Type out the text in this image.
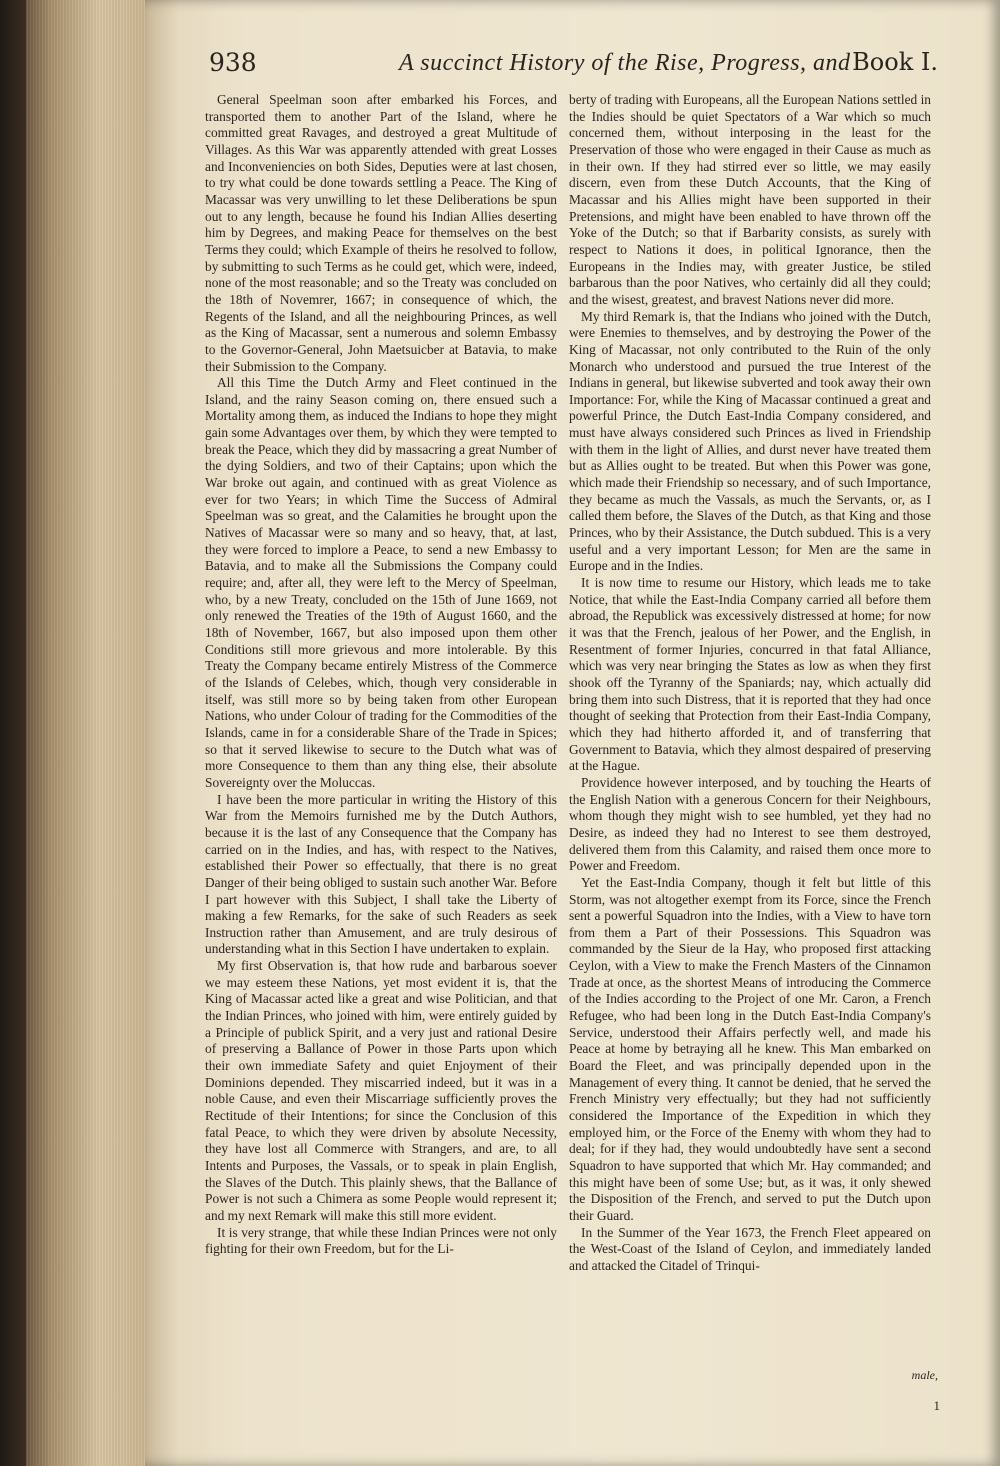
938	A succinct History of the Rise, Progress, and Book I.

General Speelman soon after embarked his Forces, and transported them to another Part of the Island, where he committed great Ravages, and destroyed a great Multitude of Villages. As this War was apparently attended with great Losses and Inconveniencies on both Sides, Deputies were at last chosen, to try what could be done towards settling a Peace. The King of Macassar was very unwilling to let these Deliberations be spun out to any length, because he found his Indian Allies deserting him by Degrees, and making Peace for themselves on the best Terms they could; which Example of theirs he resolved to follow, by submitting to such Terms as he could get, which were, indeed, none of the most reasonable; and so the Treaty was concluded on the 18th of Novemrer, 1667; in consequence of which, the Regents of the Island, and all the neighbouring Princes, as well as the King of Macassar, sent a numerous and solemn Embassy to the Governor-General, John Maetsuicber at Batavia, to make their Submission to the Company.

All this Time the Dutch Army and Fleet continued in the Island, and the rainy Season coming on, there ensued such a Mortality among them, as induced the Indians to hope they might gain some Advantages over them, by which they were tempted to break the Peace, which they did by massacring a great Number of the dying Soldiers, and two of their Captains; upon which the War broke out again, and continued with as great Violence as ever for two Years; in which Time the Success of Admiral Speelman was so great, and the Calamities he brought upon the Natives of Macassar were so many and so heavy, that, at last, they were forced to implore a Peace, to send a new Embassy to Batavia, and to make all the Submissions the Company could require; and, after all, they were left to the Mercy of Speelman, who, by a new Treaty, concluded on the 15th of June 1669, not only renewed the Treaties of the 19th of August 1660, and the 18th of November, 1667, but also imposed upon them other Conditions still more grievous and more intolerable. By this Treaty the Company became entirely Mistress of the Commerce of the Islands of Celebes, which, though very considerable in itself, was still more so by being taken from other European Nations, who under Colour of trading for the Commodities of the Islands, came in for a considerable Share of the Trade in Spices; so that it served likewise to secure to the Dutch what was of more Consequence to them than any thing else, their absolute Sovereignty over the Moluccas.

I have been the more particular in writing the History of this War from the Memoirs furnished me by the Dutch Authors, because it is the last of any Consequence that the Company has carried on in the Indies, and has, with respect to the Natives, established their Power so effectually, that there is no great Danger of their being obliged to sustain such another War. Before I part however with this Subject, I shall take the Liberty of making a few Remarks, for the sake of such Readers as seek Instruction rather than Amusement, and are truly desirous of understanding what in this Section I have undertaken to explain.

My first Observation is, that how rude and barbarous soever we may esteem these Nations, yet most evident it is, that the King of Macassar acted like a great and wise Politician, and that the Indian Princes, who joined with him, were entirely guided by a Principle of publick Spirit, and a very just and rational Desire of preserving a Ballance of Power in those Parts upon which their own immediate Safety and quiet Enjoyment of their Dominions depended. They miscarried indeed, but it was in a noble Cause, and even their Miscarriage sufficiently proves the Rectitude of their Intentions; for since the Conclusion of this fatal Peace, to which they were driven by absolute Necessity, they have lost all Commerce with Strangers, and are, to all Intents and Purposes, the Vassals, or to speak in plain English, the Slaves of the Dutch. This plainly shews, that the Ballance of Power is not such a Chimera as some People would represent it; and my next Remark will make this still more evident.

It is very strange, that while these Indian Princes were not only fighting for their own Freedom, but for the Li-

berty of trading with Europeans, all the European Nations settled in the Indies should be quiet Spectators of a War which so much concerned them, without interposing in the least for the Preservation of those who were engaged in their Cause as much as in their own. If they had stirred ever so little, we may easily discern, even from these Dutch Accounts, that the King of Macassar and his Allies might have been supported in their Pretensions, and might have been enabled to have thrown off the Yoke of the Dutch; so that if Barbarity consists, as surely with respect to Nations it does, in political Ignorance, then the Europeans in the Indies may, with greater Justice, be stiled barbarous than the poor Natives, who certainly did all they could; and the wisest, greatest, and bravest Nations never did more.

My third Remark is, that the Indians who joined with the Dutch, were Enemies to themselves, and by destroying the Power of the King of Macassar, not only contributed to the Ruin of the only Monarch who understood and pursued the true Interest of the Indians in general, but likewise subverted and took away their own Importance: For, while the King of Macassar continued a great and powerful Prince, the Dutch East-India Company considered, and must have always considered such Princes as lived in Friendship with them in the light of Allies, and durst never have treated them but as Allies ought to be treated. But when this Power was gone, which made their Friendship so necessary, and of such Importance, they became as much the Vassals, as much the Servants, or, as I called them before, the Slaves of the Dutch, as that King and those Princes, who by their Assistance, the Dutch subdued. This is a very useful and a very important Lesson; for Men are the same in Europe and in the Indies.

It is now time to resume our History, which leads me to take Notice, that while the East-India Company carried all before them abroad, the Republick was excessively distressed at home; for now it was that the French, jealous of her Power, and the English, in Resentment of former Injuries, concurred in that fatal Alliance, which was very near bringing the States as low as when they first shook off the Tyranny of the Spaniards; nay, which actually did bring them into such Distress, that it is reported that they had once thought of seeking that Protection from their East-India Company, which they had hitherto afforded it, and of transferring that Government to Batavia, which they almost despaired of preserving at the Hague.

Providence however interposed, and by touching the Hearts of the English Nation with a generous Concern for their Neighbours, whom though they might wish to see humbled, yet they had no Desire, as indeed they had no Interest to see them destroyed, delivered them from this Calamity, and raised them once more to Power and Freedom.

Yet the East-India Company, though it felt but little of this Storm, was not altogether exempt from its Force, since the French sent a powerful Squadron into the Indies, with a View to have torn from them a Part of their Possessions. This Squadron was commanded by the Sieur de la Hay, who proposed first attacking Ceylon, with a View to make the French Masters of the Cinnamon Trade at once, as the shortest Means of introducing the Commerce of the Indies according to the Project of one Mr. Caron, a French Refugee, who had been long in the Dutch East-India Company's Service, understood their Affairs perfectly well, and made his Peace at home by betraying all he knew. This Man embarked on Board the Fleet, and was principally depended upon in the Management of every thing. It cannot be denied, that he served the French Ministry very effectually; but they had not sufficiently considered the Importance of the Expedition in which they employed him, or the Force of the Enemy with whom they had to deal; for if they had, they would undoubtedly have sent a second Squadron to have supported that which Mr. Hay commanded; and this might have been of some Use; but, as it was, it only shewed the Disposition of the French, and served to put the Dutch upon their Guard.

In the Summer of the Year 1673, the French Fleet appeared on the West-Coast of the Island of Ceylon, and immediately landed and attacked the Citadel of Trinqui-

male,
1
